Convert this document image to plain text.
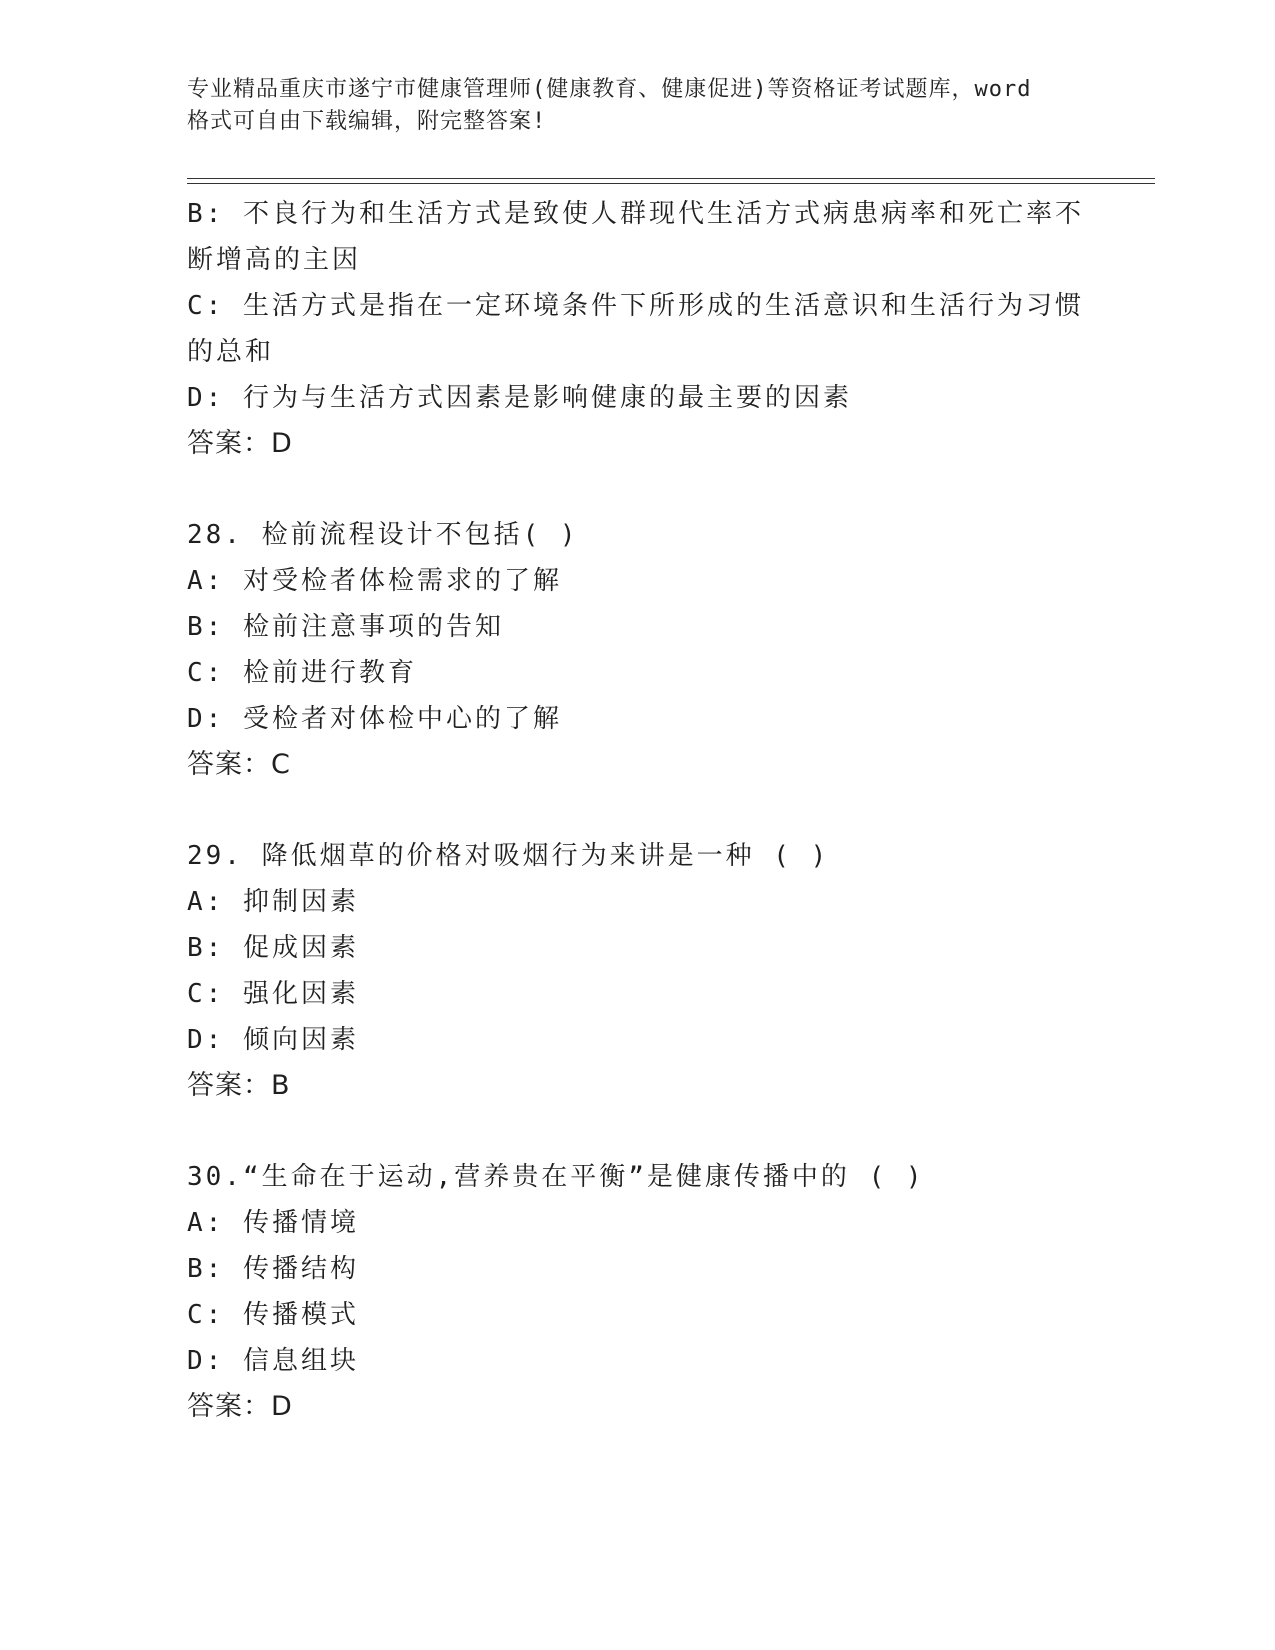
专业精品重庆市遂宁市健康管理师(健康教育、健康促进)等资格证考试题库，word
格式可自由下载编辑，附完整答案!
B: 不良行为和生活方式是致使人群现代生活方式病患病率和死亡率不
断增高的主因
C: 生活方式是指在一定环境条件下所形成的生活意识和生活行为习惯
的总和
D: 行为与生活方式因素是影响健康的最主要的因素
答案：D
28. 检前流程设计不包括( )
A: 对受检者体检需求的了解
B: 检前注意事项的告知
C: 检前进行教育
D: 受检者对体检中心的了解
答案：C
29. 降低烟草的价格对吸烟行为来讲是一种 ( )
A: 抑制因素
B: 促成因素
C: 强化因素
D: 倾向因素
答案：B
30.“生命在于运动,营养贵在平衡”是健康传播中的 ( )
A: 传播情境
B: 传播结构
C: 传播模式
D: 信息组块
答案：D
